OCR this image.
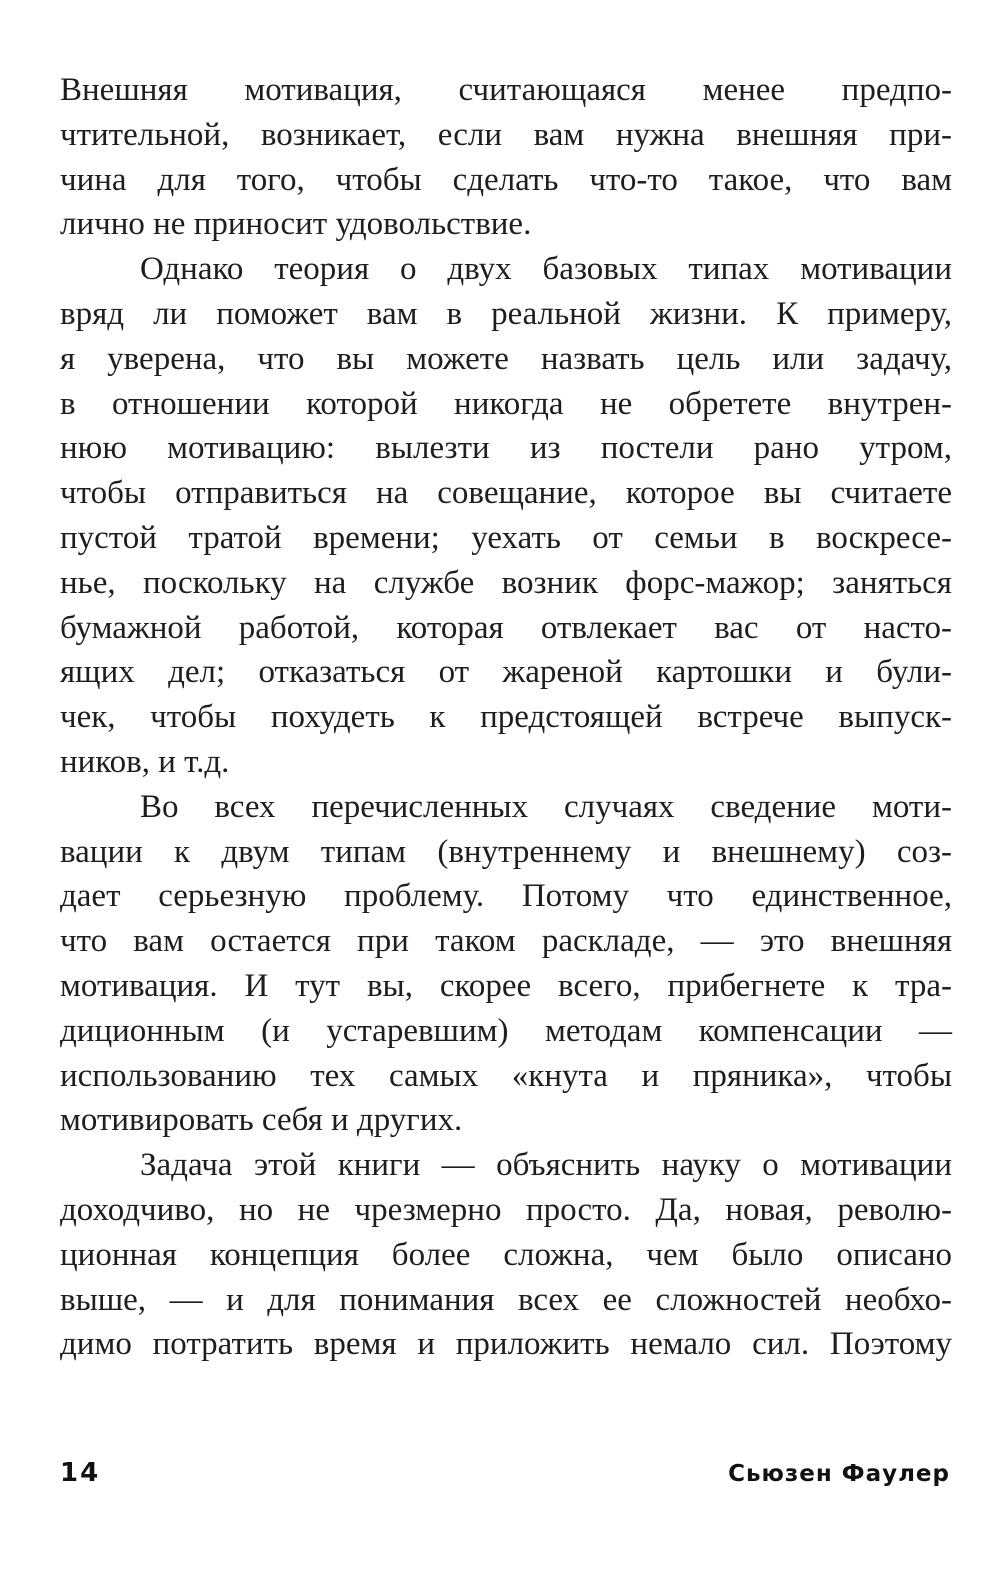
Внешняя мотивация, считающаяся менее предпо-
чтительной, возникает, если вам нужна внешняя при-
чина для того, чтобы сделать что-то такое, что вам
лично не приносит удовольствие.
Однако теория о двух базовых типах мотивации
вряд ли поможет вам в реальной жизни. К примеру,
я уверена, что вы можете назвать цель или задачу,
в отношении которой никогда не обретете внутрен-
нюю мотивацию: вылезти из постели рано утром,
чтобы отправиться на совещание, которое вы считаете
пустой тратой времени; уехать от семьи в воскресе-
нье, поскольку на службе возник форс-мажор; заняться
бумажной работой, которая отвлекает вас от насто-
ящих дел; отказаться от жареной картошки и були-
чек, чтобы похудеть к предстоящей встрече выпуск-
ников, и т.д.
Во всех перечисленных случаях сведение моти-
вации к двум типам (внутреннему и внешнему) соз-
дает серьезную проблему. Потому что единственное,
что вам остается при таком раскладе, — это внешняя
мотивация. И тут вы, скорее всего, прибегнете к тра-
диционным (и устаревшим) методам компенсации —
использованию тех самых «кнута и пряника», чтобы
мотивировать себя и других.
Задача этой книги — объяснить науку о мотивации
доходчиво, но не чрезмерно просто. Да, новая, револю-
ционная концепция более сложна, чем было описано
выше, — и для понимания всех ее сложностей необхо-
димо потратить время и приложить немало сил. Поэтому
14	Сьюзен Фаулер
